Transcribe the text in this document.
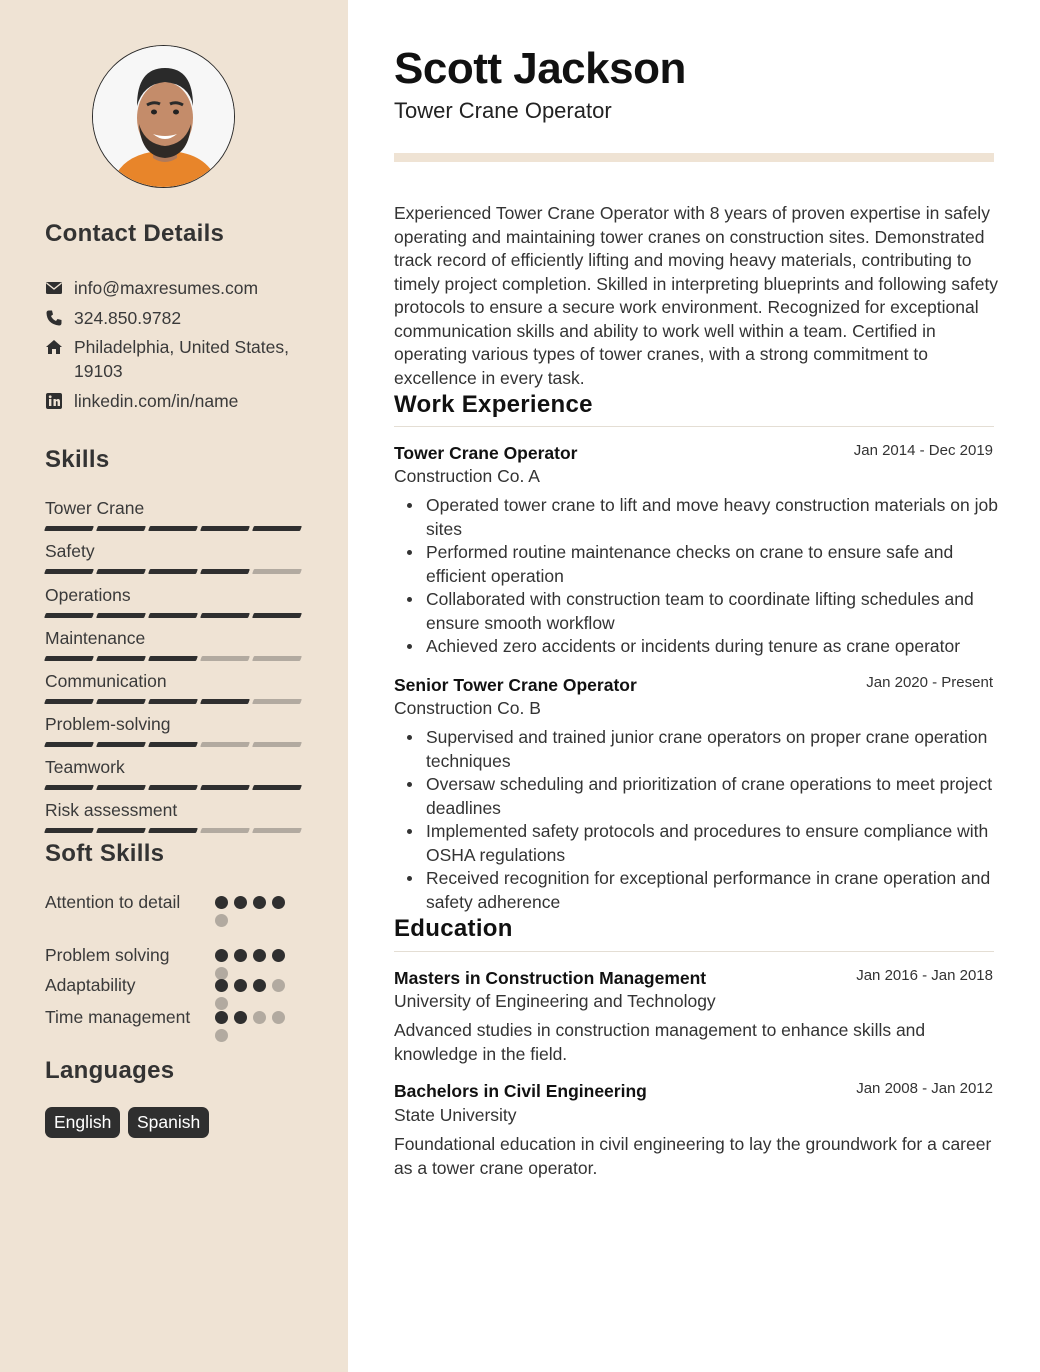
Contact Details
info@maxresumes.com
324.850.9782
Philadelphia, United States, 19103
linkedin.com/in/name
Skills
Tower Crane
Safety
Operations
Maintenance
Communication
Problem-solving
Teamwork
Risk assessment
Soft Skills
Attention to detail
Problem solving
Adaptability
Time management
Languages
English	Spanish
Scott Jackson
Tower Crane Operator
Experienced Tower Crane Operator with 8 years of proven expertise in safely operating and maintaining tower cranes on construction sites. Demonstrated track record of efficiently lifting and moving heavy materials, contributing to timely project completion. Skilled in interpreting blueprints and following safety protocols to ensure a secure work environment. Recognized for exceptional communication skills and ability to work well within a team. Certified in operating various types of tower cranes, with a strong commitment to excellence in every task.
Work Experience
Tower Crane Operator	Jan 2014 - Dec 2019
Construction Co. A
Operated tower crane to lift and move heavy construction materials on job sites
Performed routine maintenance checks on crane to ensure safe and efficient operation
Collaborated with construction team to coordinate lifting schedules and ensure smooth workflow
Achieved zero accidents or incidents during tenure as crane operator
Senior Tower Crane Operator	Jan 2020 - Present
Construction Co. B
Supervised and trained junior crane operators on proper crane operation techniques
Oversaw scheduling and prioritization of crane operations to meet project deadlines
Implemented safety protocols and procedures to ensure compliance with OSHA regulations
Received recognition for exceptional performance in crane operation and safety adherence
Education
Masters in Construction Management	Jan 2016 - Jan 2018
University of Engineering and Technology
Advanced studies in construction management to enhance skills and knowledge in the field.
Bachelors in Civil Engineering	Jan 2008 - Jan 2012
State University
Foundational education in civil engineering to lay the groundwork for a career as a tower crane operator.
